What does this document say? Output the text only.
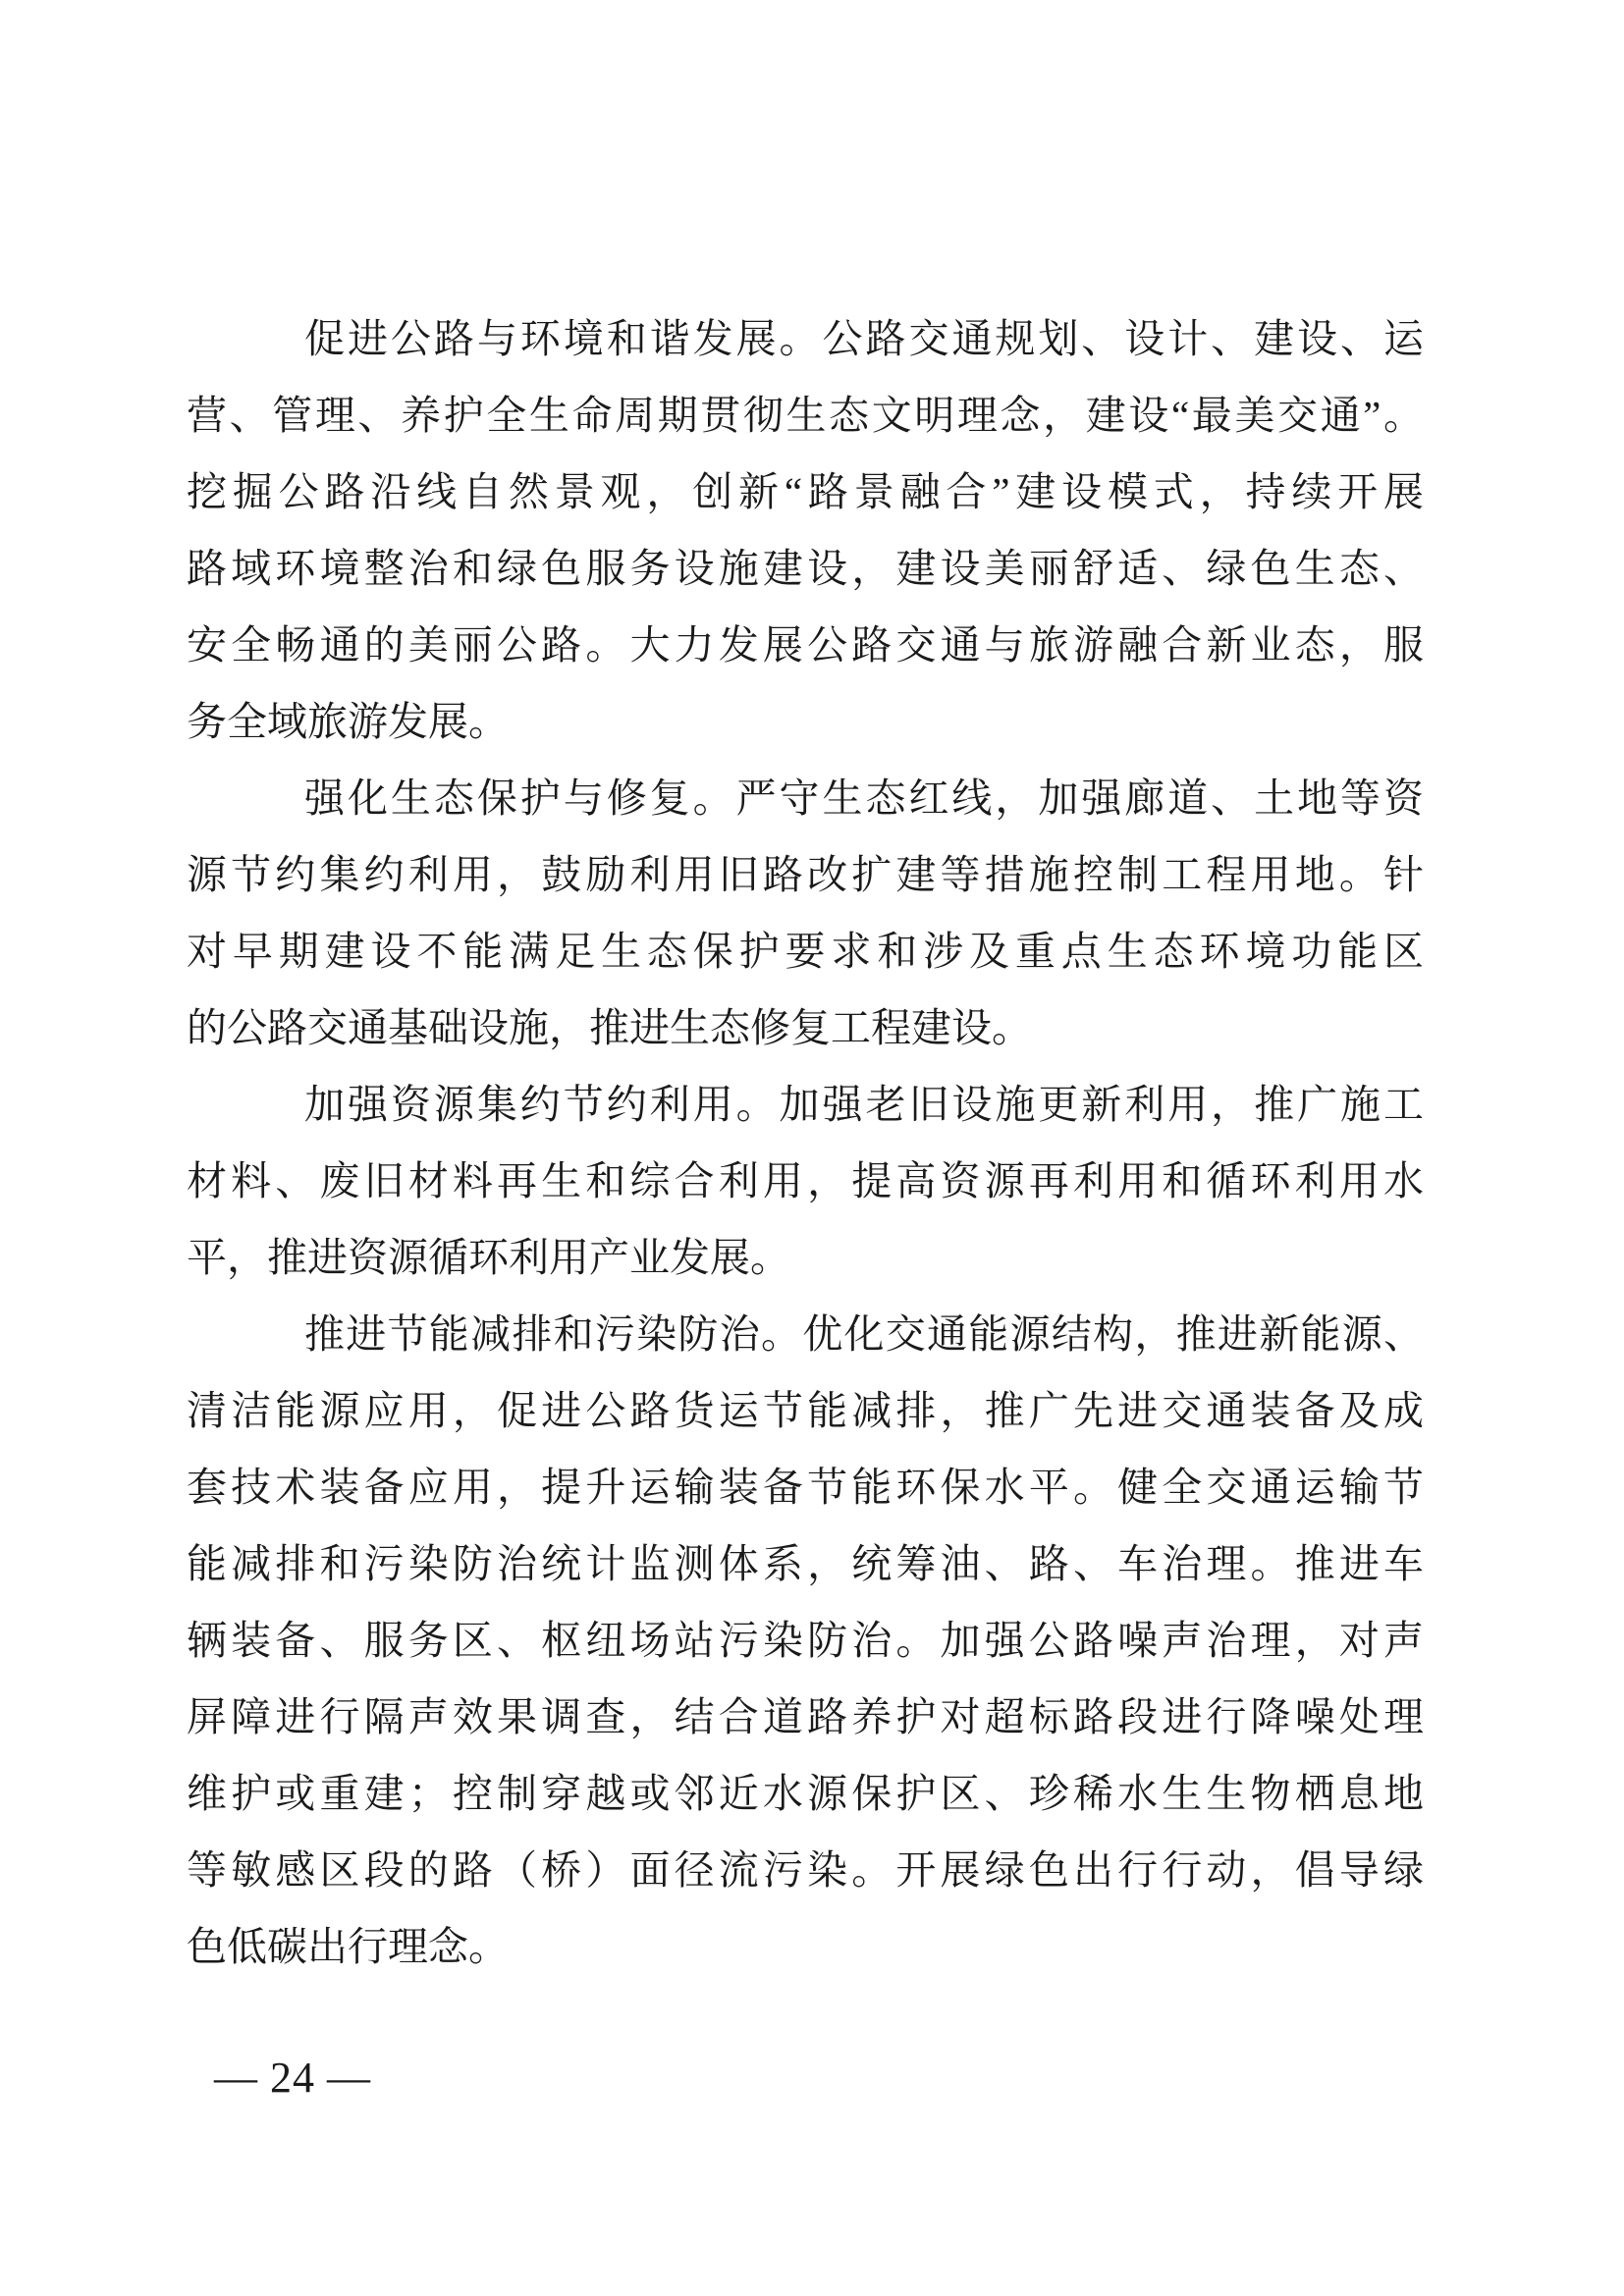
促进公路与环境和谐发展。公路交通规划、设计、建设、运
营、管理、养护全生命周期贯彻生态文明理念，建设“最美交通”。
挖掘公路沿线自然景观，创新“路景融合”建设模式，持续开展
路域环境整治和绿色服务设施建设，建设美丽舒适、绿色生态、
安全畅通的美丽公路。大力发展公路交通与旅游融合新业态，服
务全域旅游发展。
强化生态保护与修复。严守生态红线，加强廊道、土地等资
源节约集约利用，鼓励利用旧路改扩建等措施控制工程用地。针
对早期建设不能满足生态保护要求和涉及重点生态环境功能区
的公路交通基础设施，推进生态修复工程建设。
加强资源集约节约利用。加强老旧设施更新利用，推广施工
材料、废旧材料再生和综合利用，提高资源再利用和循环利用水
平，推进资源循环利用产业发展。
推进节能减排和污染防治。优化交通能源结构，推进新能源、
清洁能源应用，促进公路货运节能减排，推广先进交通装备及成
套技术装备应用，提升运输装备节能环保水平。健全交通运输节
能减排和污染防治统计监测体系，统筹油、路、车治理。推进车
辆装备、服务区、枢纽场站污染防治。加强公路噪声治理，对声
屏障进行隔声效果调查，结合道路养护对超标路段进行降噪处理
维护或重建；控制穿越或邻近水源保护区、珍稀水生生物栖息地
等敏感区段的路（桥）面径流污染。开展绿色出行行动，倡导绿
色低碳出行理念。
— 24 —
